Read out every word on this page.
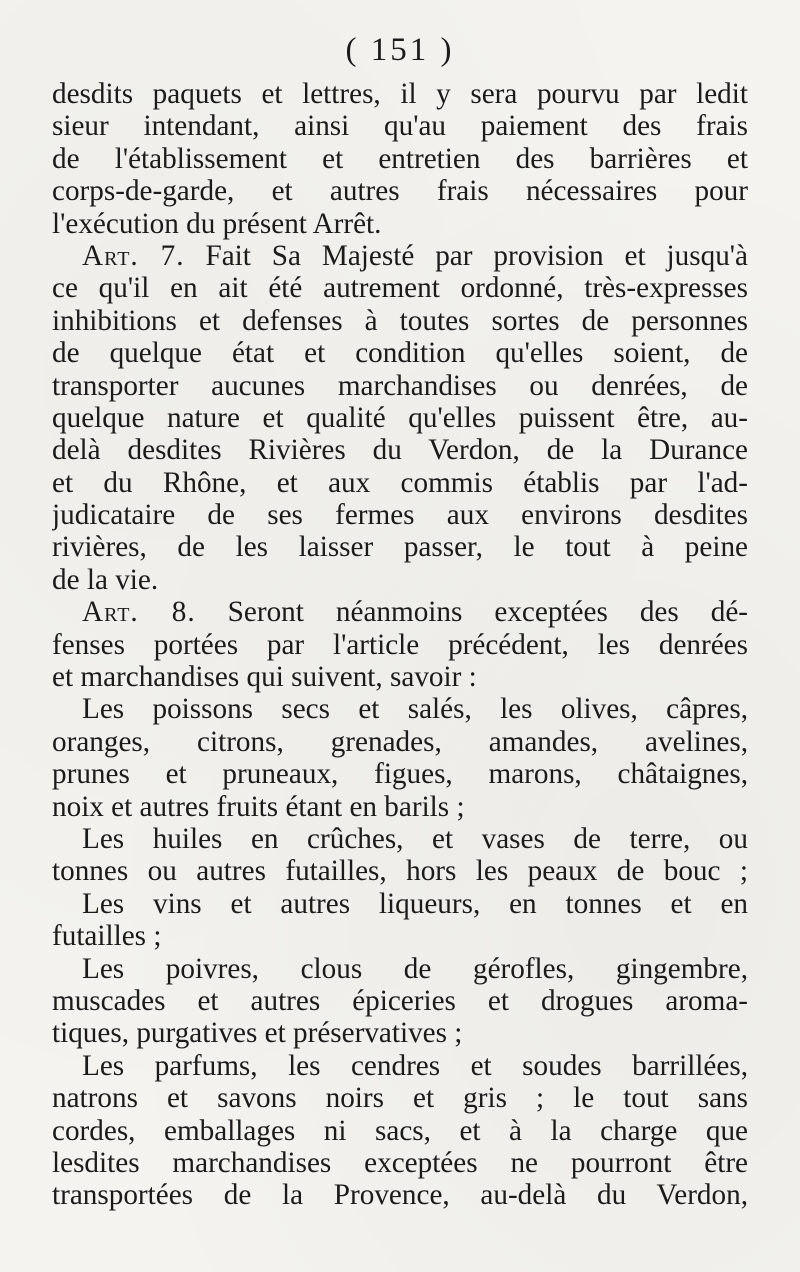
( 151 )
desdits paquets et lettres, il y sera pourvu par ledit
sieur intendant, ainsi qu'au paiement des frais
de l'établissement et entretien des barrières et
corps-de-garde, et autres frais nécessaires pour
l'exécution du présent Arrêt.
Art. 7. Fait Sa Majesté par provision et jusqu'à
ce qu'il en ait été autrement ordonné, très-expresses
inhibitions et defenses à toutes sortes de personnes
de quelque état et condition qu'elles soient, de
transporter aucunes marchandises ou denrées, de
quelque nature et qualité qu'elles puissent être, au-
delà desdites Rivières du Verdon, de la Durance
et du Rhône, et aux commis établis par l'ad-
judicataire de ses fermes aux environs desdites
rivières, de les laisser passer, le tout à peine
de la vie.
Art. 8. Seront néanmoins exceptées des dé-
fenses portées par l'article précédent, les denrées
et marchandises qui suivent, savoir :
Les poissons secs et salés, les olives, câpres,
oranges, citrons, grenades, amandes, avelines,
prunes et pruneaux, figues, marons, châtaignes,
noix et autres fruits étant en barils ;
Les huiles en crûches, et vases de terre, ou
tonnes ou autres futailles, hors les peaux de bouc ;
Les vins et autres liqueurs, en tonnes et en
futailles ;
Les poivres, clous de gérofles, gingembre,
muscades et autres épiceries et drogues aroma-
tiques, purgatives et préservatives ;
Les parfums, les cendres et soudes barrillées,
natrons et savons noirs et gris ; le tout sans
cordes, emballages ni sacs, et à la charge que
lesdites marchandises exceptées ne pourront être
transportées de la Provence, au-delà du Verdon,
